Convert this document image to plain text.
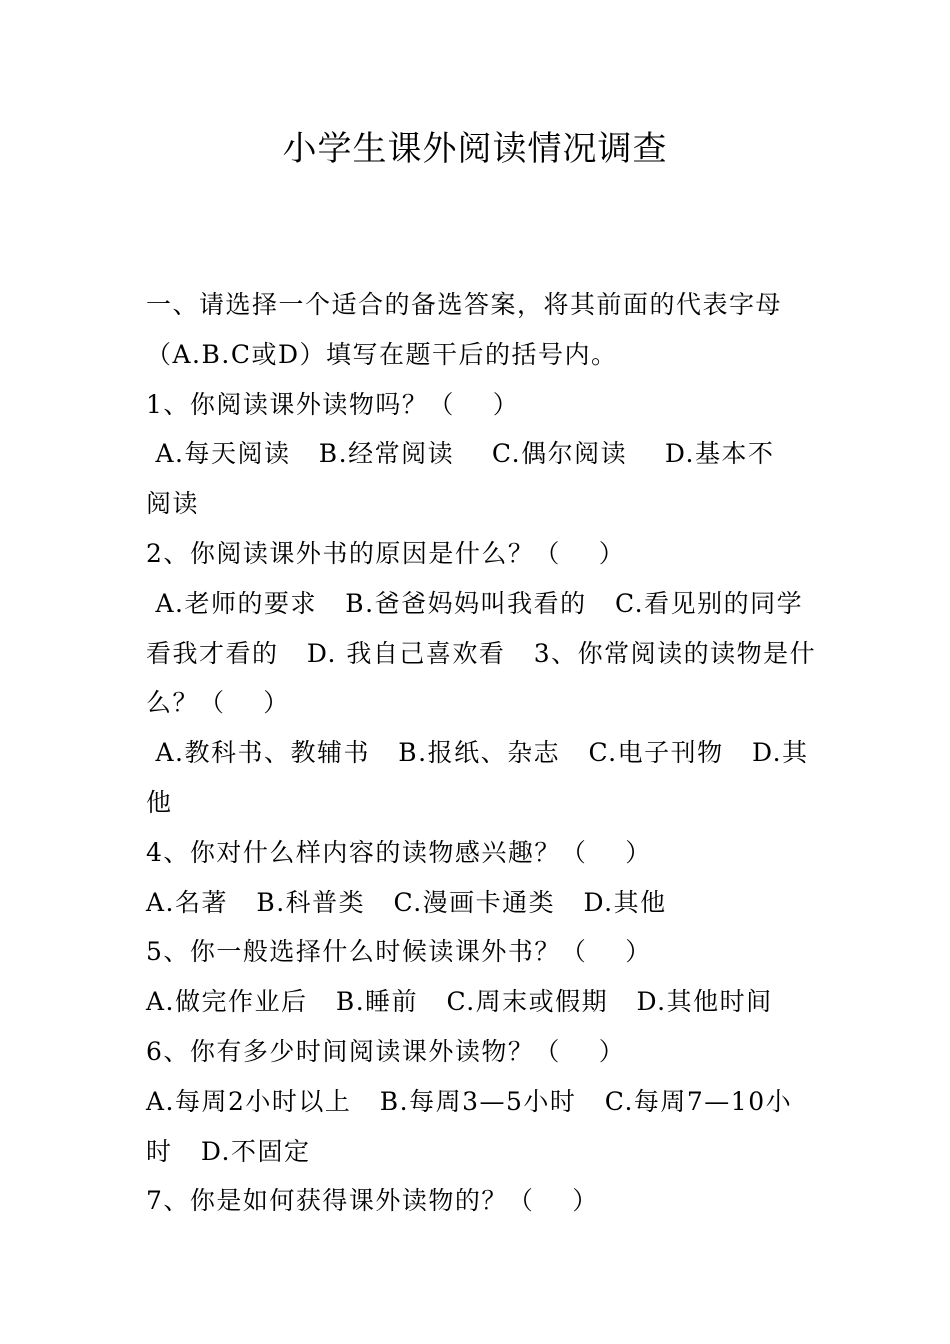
小学生课外阅读情况调查
一、请选择一个适合的备选答案，将其前面的代表字母
（A.B.C或D）填写在题干后的括号内。
1、你阅读课外读物吗？（    ）
A.每天阅读   B.经常阅读    C.偶尔阅读    D.基本不
阅读
2、你阅读课外书的原因是什么？（    ）
A.老师的要求   B.爸爸妈妈叫我看的   C.看见别的同学
看我才看的   D. 我自己喜欢看   3、你常阅读的读物是什
么？（    ）
A.教科书、教辅书   B.报纸、杂志   C.电子刊物   D.其
他
4、你对什么样内容的读物感兴趣？（    ）
A.名著   B.科普类   C.漫画卡通类   D.其他
5、你一般选择什么时候读课外书？（    ）
A.做完作业后   B.睡前   C.周末或假期   D.其他时间
6、你有多少时间阅读课外读物？（    ）
A.每周2小时以上   B.每周3—5小时   C.每周7—10小
时   D.不固定
7、你是如何获得课外读物的？（    ）
